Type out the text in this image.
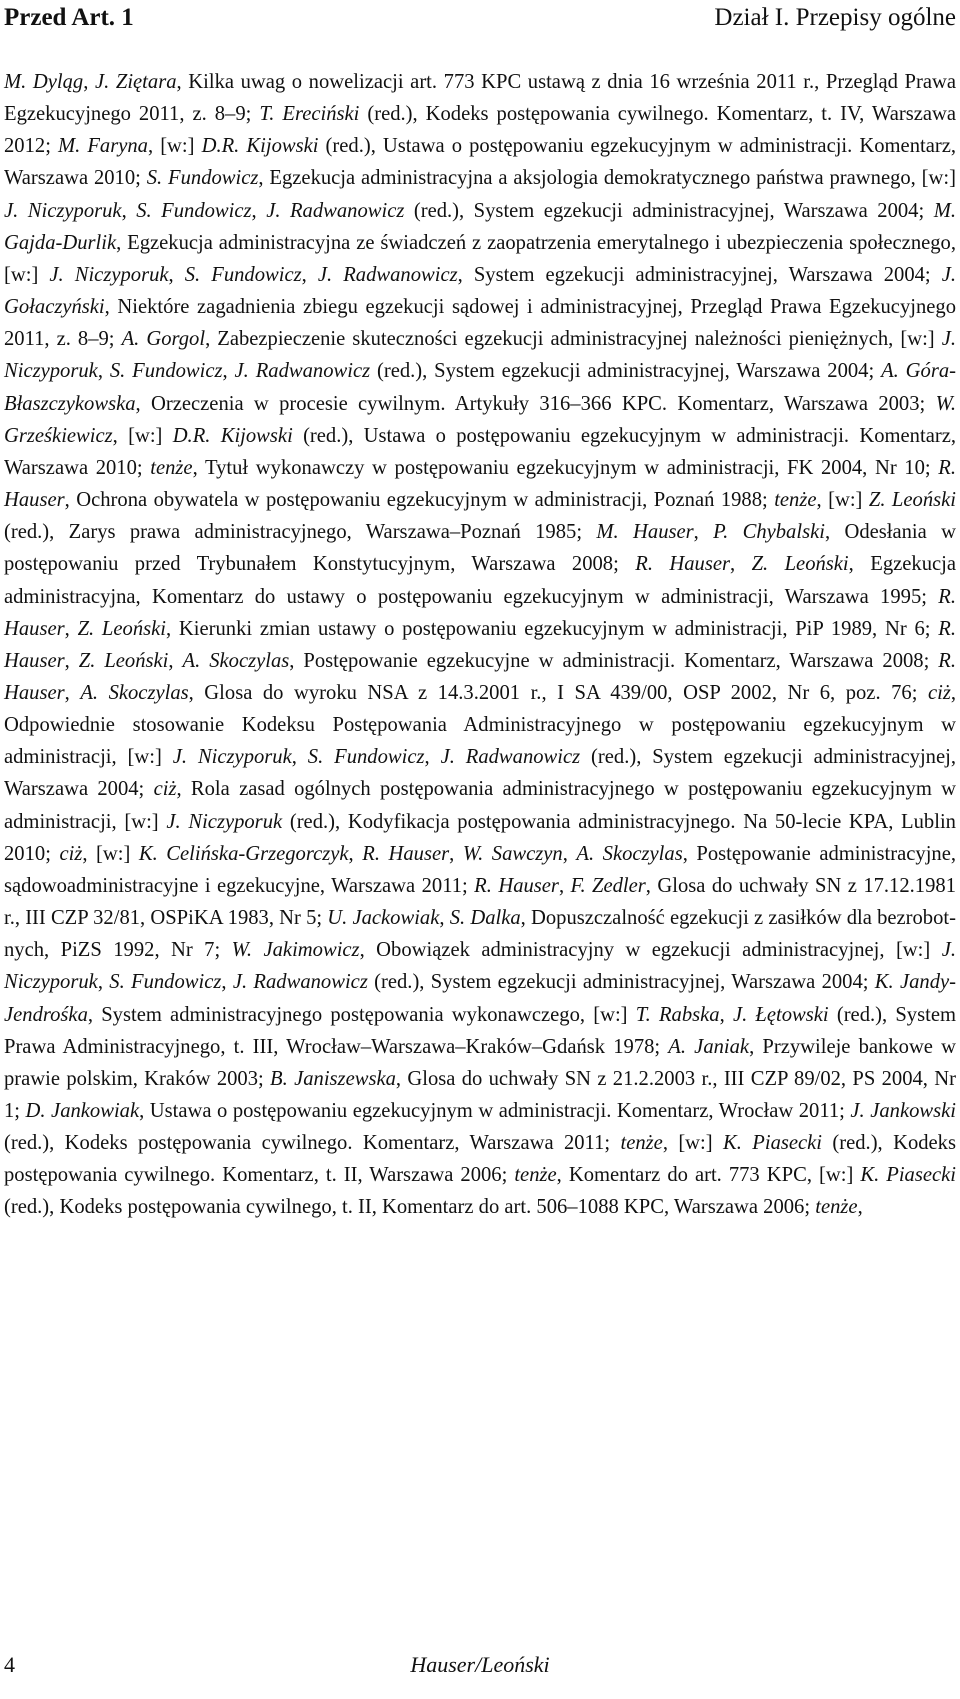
Przed Art. 1	Dział I. Przepisy ogólne

M. Dyląg, J. Ziętara, Kilka uwag o nowelizacji art. 773 KPC ustawą z dnia 16 września 2011 r., Przegląd Prawa Egzekucyjnego 2011, z. 8–9; T. Ereciński (red.), Kodeks postępowania cywilnego. Komentarz, t. IV, Warszawa 2012; M. Faryna, [w:] D.R. Kijowski (red.), Ustawa o postępowaniu egzekucyjnym w administracji. Komentarz, Warszawa 2010; S. Fundowicz, Egzekucja administracyjna a aksjologia demokratycznego państwa prawnego, [w:] J. Niczyporuk, S. Fundowicz, J. Radwanowicz (red.), System egzekucji administracyjnej, Warszawa 2004; M. Gajda-Durlik, Egzekucja administracyjna ze świadczeń z zaopatrzenia emerytalnego i ubezpieczenia społecznego, [w:] J. Niczyporuk, S. Fundowicz, J. Radwanowicz, System egzekucji administracyjnej, Warszawa 2004; J. Gołaczyński, Niektóre zagadnienia zbiegu egzekucji sądowej i administracyjnej, Przegląd Prawa Egzekucyjnego 2011, z. 8–9; A. Gorgol, Zabezpieczenie skuteczności egzekucji administracyjnej należności pieniężnych, [w:] J. Niczyporuk, S. Fundowicz, J. Radwanowicz (red.), System egzekucji administracyjnej, Warszawa 2004; A. Góra-Błaszczykowska, Orzeczenia w procesie cywilnym. Artykuły 316–366 KPC. Komentarz, Warszawa 2003; W. Grześkiewicz, [w:] D.R. Kijowski (red.), Ustawa o postępowaniu egzekucyjnym w administracji. Komentarz, Warszawa 2010; tenże, Tytuł wykonawczy w postępowaniu egzekucyjnym w administracji, FK 2004, Nr 10; R. Hauser, Ochrona obywatela w postępowaniu egzekucyjnym w administracji, Poznań 1988; tenże, [w:] Z. Leoński (red.), Zarys prawa administracyjnego, Warszawa–Poznań 1985; M. Hauser, P. Chybalski, Odesłania w postępowaniu przed Trybunałem Konstytucyjnym, Warszawa 2008; R. Hauser, Z. Leoński, Egzekucja administracyjna, Komentarz do ustawy o postępowaniu egzekucyjnym w administracji, Warszawa 1995; R. Hauser, Z. Leoński, Kierunki zmian ustawy o postępowaniu egzekucyjnym w administracji, PiP 1989, Nr 6; R. Hauser, Z. Leoński, A. Skoczylas, Postępowanie egzekucyjne w administracji. Komentarz, Warszawa 2008; R. Hauser, A. Skoczylas, Glosa do wyroku NSA z 14.3.2001 r., I SA 439/00, OSP 2002, Nr 6, poz. 76; ciż, Odpowiednie stosowanie Kodeksu Postępowania Administracyjnego w postępowaniu egzekucyjnym w administracji, [w:] J. Niczyporuk, S. Fundowicz, J. Radwanowicz (red.), System egzekucji administracyjnej, Warszawa 2004; ciż, Rola zasad ogólnych postępowania administracyjnego w postępowaniu egzekucyjnym w administracji, [w:] J. Niczyporuk (red.), Kodyfikacja postępowania administracyjnego. Na 50-lecie KPA, Lublin 2010; ciż, [w:] K. Celińska-Grzegorczyk, R. Hauser, W. Sawczyn, A. Skoczylas, Postępowanie administracyjne, sądowoadministracyjne i egzekucyjne, Warszawa 2011; R. Hauser, F. Zedler, Glosa do uchwały SN z 17.12.1981 r., III CZP 32/81, OSPiKA 1983, Nr 5; U. Jackowiak, S. Dalka, Dopuszczalność egzekucji z zasiłków dla bezrobotnych, PiZS 1992, Nr 7; W. Jakimowicz, Obowiązek administracyjny w egzekucji administracyjnej, [w:] J. Niczyporuk, S. Fundowicz, J. Radwanowicz (red.), System egzekucji administracyjnej, Warszawa 2004; K. Jandy-Jendrośka, System administracyjnego postępowania wykonawczego, [w:] T. Rabska, J. Łętowski (red.), System Prawa Administracyjnego, t. III, Wrocław–Warszawa–Kraków–Gdańsk 1978; A. Janiak, Przywileje bankowe w prawie polskim, Kraków 2003; B. Janiszewska, Glosa do uchwały SN z 21.2.2003 r., III CZP 89/02, PS 2004, Nr 1; D. Jankowiak, Ustawa o postępowaniu egzekucyjnym w administracji. Komentarz, Wrocław 2011; J. Jankowski (red.), Kodeks postępowania cywilnego. Komentarz, Warszawa 2011; tenże, [w:] K. Piasecki (red.), Kodeks postępowania cywilnego. Komentarz, t. II, Warszawa 2006; tenże, Komentarz do art. 773 KPC, [w:] K. Piasecki (red.), Kodeks postępowania cywilnego, t. II, Komentarz do art. 506–1088 KPC, Warszawa 2006; tenże,

4	Hauser/Leoński
